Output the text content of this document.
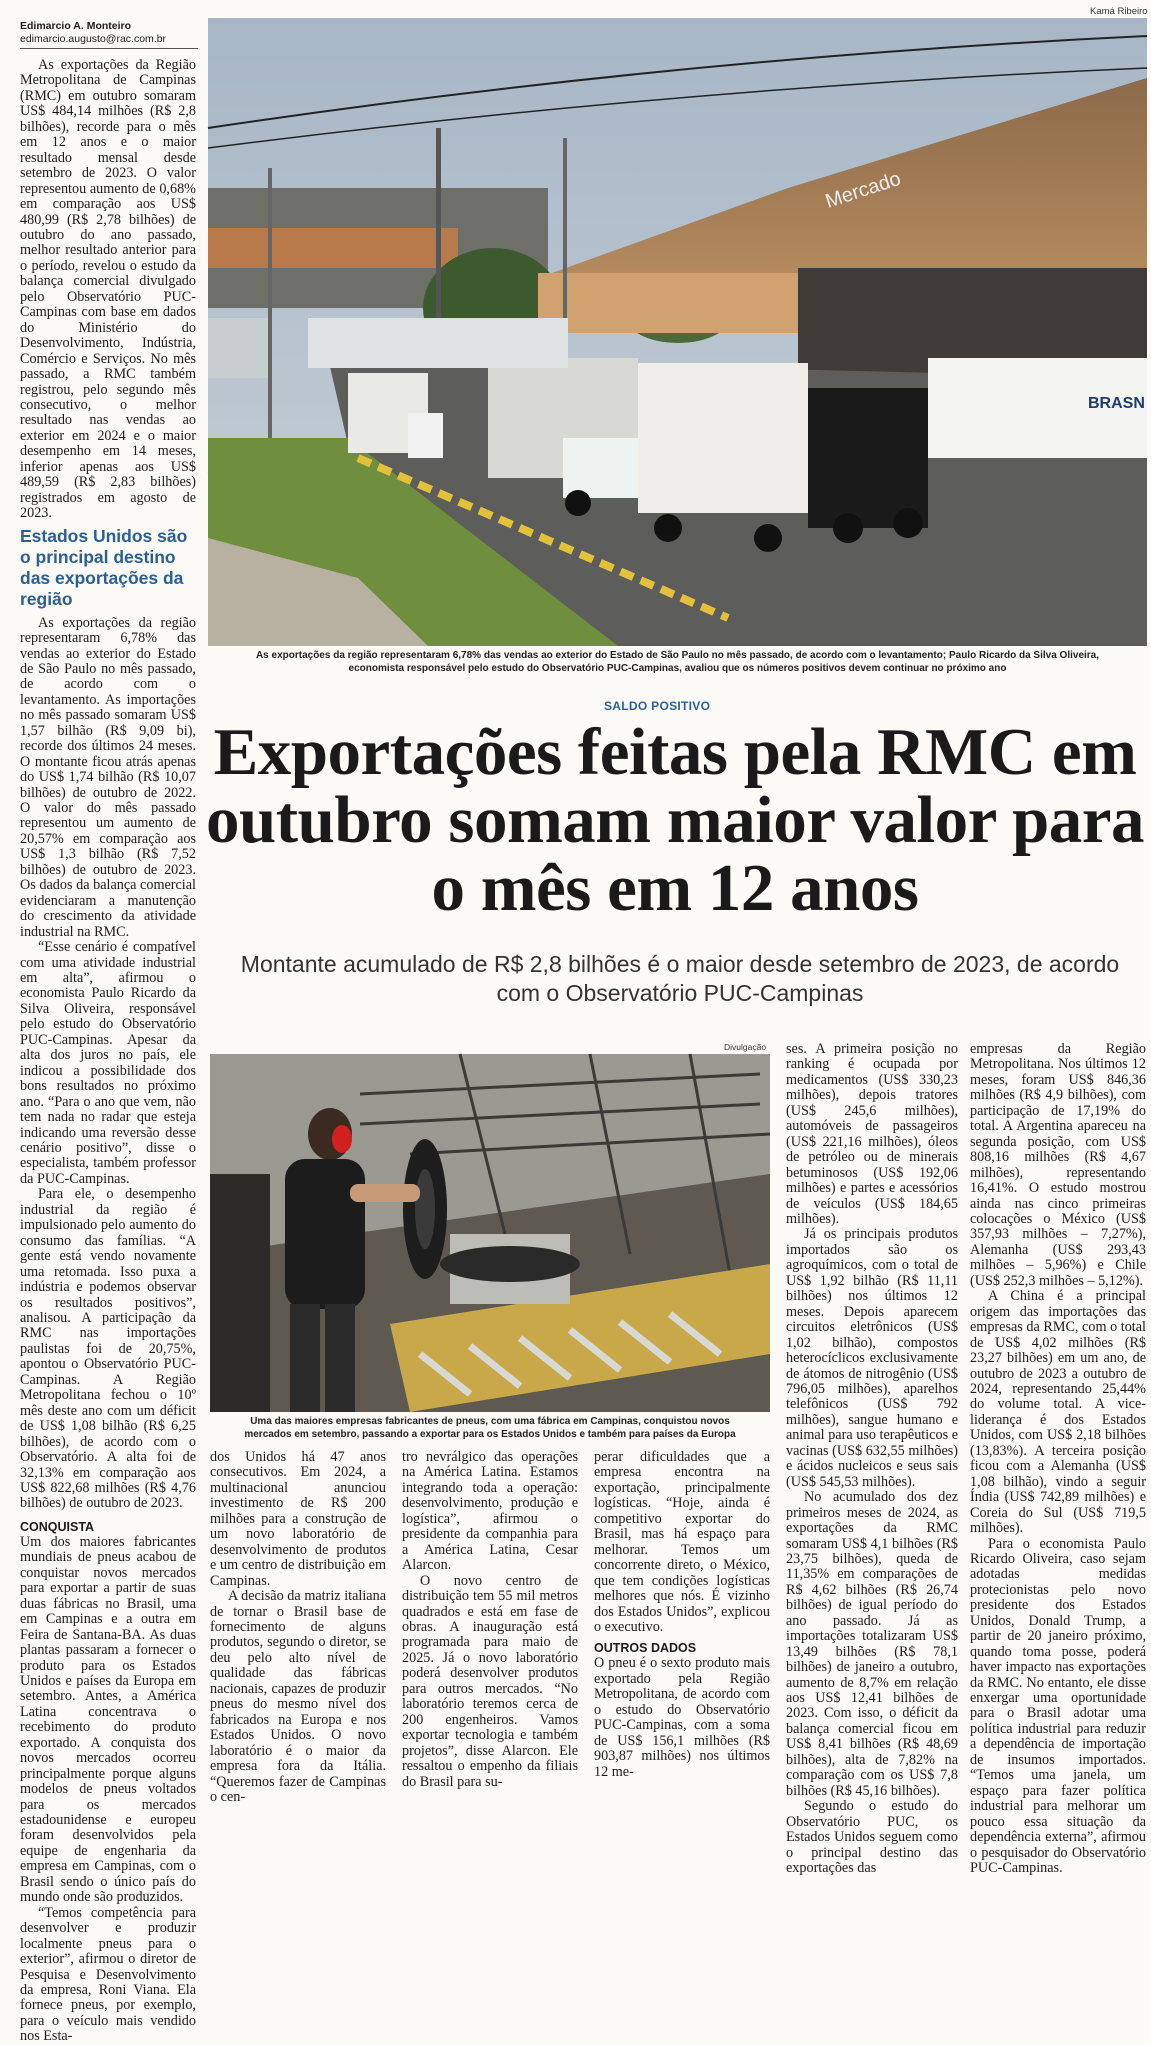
Edimarcio A. Monteiro
edimarcio.augusto@rac.com.br
Kamá Ribeiro

As exportações da Região Metropolitana de Campinas (RMC) em outubro somaram US$ 484,14 milhões (R$ 2,8 bilhões), recorde para o mês em 12 anos e o maior resultado mensal desde setembro de 2023. O valor representou aumento de 0,68% em comparação aos US$ 480,99 (R$ 2,78 bilhões) de outubro do ano passado, melhor resultado anterior para o período, revelou o estudo da balança comercial divulgado pelo Observatório PUC-Campinas com base em dados do Ministério do Desenvolvimento, Indústria, Comércio e Serviços. No mês passado, a RMC também registrou, pelo segundo mês consecutivo, o melhor resultado nas vendas ao exterior em 2024 e o maior desempenho em 14 meses, inferior apenas aos US$ 489,59 (R$ 2,83 bilhões) registrados em agosto de 2023.

Estados Unidos são o principal destino das exportações da região

As exportações da região representaram 6,78% das vendas ao exterior do Estado de São Paulo no mês passado, de acordo com o levantamento. As importações no mês passado somaram US$ 1,57 bilhão (R$ 9,09 bi), recorde dos últimos 24 meses. O montante ficou atrás apenas do US$ 1,74 bilhão (R$ 10,07 bilhões) de outubro de 2022. O valor do mês passado representou um aumento de 20,57% em comparação aos US$ 1,3 bilhão (R$ 7,52 bilhões) de outubro de 2023. Os dados da balança comercial evidenciaram a manutenção do crescimento da atividade industrial na RMC.

“Esse cenário é compatível com uma atividade industrial em alta”, afirmou o economista Paulo Ricardo da Silva Oliveira, responsável pelo estudo do Observatório PUC-Campinas. Apesar da alta dos juros no país, ele indicou a possibilidade dos bons resultados no próximo ano. “Para o ano que vem, não tem nada no radar que esteja indicando uma reversão desse cenário positivo”, disse o especialista, também professor da PUC-Campinas.

Para ele, o desempenho industrial da região é impulsionado pelo aumento do consumo das famílias. “A gente está vendo novamente uma retomada. Isso puxa a indústria e podemos observar os resultados positivos”, analisou. A participação da RMC nas importações paulistas foi de 20,75%, apontou o Observatório PUC-Campinas. A Região Metropolitana fechou o 10º mês deste ano com um déficit de US$ 1,08 bilhão (R$ 6,25 bilhões), de acordo com o Observatório. A alta foi de 32,13% em comparação aos US$ 822,68 milhões (R$ 4,76 bilhões) de outubro de 2023.

CONQUISTA

Um dos maiores fabricantes mundiais de pneus acabou de conquistar novos mercados para exportar a partir de suas duas fábricas no Brasil, uma em Campinas e a outra em Feira de Santana-BA. As duas plantas passaram a fornecer o produto para os Estados Unidos e países da Europa em setembro. Antes, a América Latina concentrava o recebimento do produto exportado. A conquista dos novos mercados ocorreu principalmente porque alguns modelos de pneus voltados para os mercados estadounidense e europeu foram desenvolvidos pela equipe de engenharia da empresa em Campinas, com o Brasil sendo o único país do mundo onde são produzidos.

“Temos competência para desenvolver e produzir localmente pneus para o exterior”, afirmou o diretor de Pesquisa e Desenvolvimento da empresa, Roni Viana. Ela fornece pneus, por exemplo, para o veículo mais vendido nos Esta-

Mercado
BRASN
As exportações da região representaram 6,78% das vendas ao exterior do Estado de São Paulo no mês passado, de acordo com o levantamento; Paulo Ricardo da Silva Oliveira,
economista responsável pelo estudo do Observatório PUC-Campinas, avaliou que os números positivos devem continuar no próximo ano
SALDO POSITIVO
Exportações feitas pela RMC em outubro somam maior valor para o mês em 12 anos
Montante acumulado de R$ 2,8 bilhões é o maior desde setembro de 2023, de acordo com o Observatório PUC-Campinas
Divulgação
Uma das maiores empresas fabricantes de pneus, com uma fábrica em Campinas, conquistou novos
mercados em setembro, passando a exportar para os Estados Unidos e também para países da Europa

dos Unidos há 47 anos consecutivos. Em 2024, a multinacional anunciou investimento de R$ 200 milhões para a construção de um novo laboratório de desenvolvimento de produtos e um centro de distribuição em Campinas.

A decisão da matriz italiana de tornar o Brasil base de fornecimento de alguns produtos, segundo o diretor, se deu pelo alto nível de qualidade das fábricas nacionais, capazes de produzir pneus do mesmo nível dos fabricados na Europa e nos Estados Unidos. O novo laboratório é o maior da empresa fora da Itália. “Queremos fazer de Campinas o cen-

tro nevrálgico das operações na América Latina. Estamos integrando toda a operação: desenvolvimento, produção e logística”, afirmou o presidente da companhia para a América Latina, Cesar Alarcon.

O novo centro de distribuição tem 55 mil metros quadrados e está em fase de obras. A inauguração está programada para maio de 2025. Já o novo laboratório poderá desenvolver produtos para outros mercados. “No laboratório teremos cerca de 200 engenheiros. Vamos exportar tecnologia e também projetos”, disse Alarcon. Ele ressaltou o empenho da filiais do Brasil para su-

perar dificuldades que a empresa encontra na exportação, principalmente logísticas. “Hoje, ainda é competitivo exportar do Brasil, mas há espaço para melhorar. Temos um concorrente direto, o México, que tem condições logísticas melhores que nós. É vizinho dos Estados Unidos”, explicou o executivo.

OUTROS DADOS

O pneu é o sexto produto mais exportado pela Região Metropolitana, de acordo com o estudo do Observatório PUC-Campinas, com a soma de US$ 156,1 milhões (R$ 903,87 milhões) nos últimos 12 me-

ses. A primeira posição no ranking é ocupada por medicamentos (US$ 330,23 milhões), depois tratores (US$ 245,6 milhões), automóveis de passageiros (US$ 221,16 milhões), óleos de petróleo ou de minerais betuminosos (US$ 192,06 milhões) e partes e acessórios de veículos (US$ 184,65 milhões).

Já os principais produtos importados são os agroquímicos, com o total de US$ 1,92 bilhão (R$ 11,11 bilhões) nos últimos 12 meses. Depois aparecem circuitos eletrônicos (US$ 1,02 bilhão), compostos heterocíclicos exclusivamente de átomos de nitrogênio (US$ 796,05 milhões), aparelhos telefônicos (US$ 792 milhões), sangue humano e animal para uso terapêuticos e vacinas (US$ 632,55 milhões) e ácidos nucleicos e seus sais (US$ 545,53 milhões).

No acumulado dos dez primeiros meses de 2024, as exportações da RMC somaram US$ 4,1 bilhões (R$ 23,75 bilhões), queda de 11,35% em comparações de R$ 4,62 bilhões (R$ 26,74 bilhões) de igual período do ano passado. Já as importações totalizaram US$ 13,49 bilhões (R$ 78,1 bilhões) de janeiro a outubro, aumento de 8,7% em relação aos US$ 12,41 bilhões de 2023. Com isso, o déficit da balança comercial ficou em US$ 8,41 bilhões (R$ 48,69 bilhões), alta de 7,82% na comparação com os US$ 7,8 bilhões (R$ 45,16 bilhões).

Segundo o estudo do Observatório PUC, os Estados Unidos seguem como o principal destino das exportações das

empresas da Região Metropolitana. Nos últimos 12 meses, foram US$ 846,36 milhões (R$ 4,9 bilhões), com participação de 17,19% do total. A Argentina apareceu na segunda posição, com US$ 808,16 milhões (R$ 4,67 milhões), representando 16,41%. O estudo mostrou ainda nas cinco primeiras colocações o México (US$ 357,93 milhões – 7,27%), Alemanha (US$ 293,43 milhões – 5,96%) e Chile (US$ 252,3 milhões – 5,12%).

A China é a principal origem das importações das empresas da RMC, com o total de US$ 4,02 milhões (R$ 23,27 bilhões) em um ano, de outubro de 2023 a outubro de 2024, representando 25,44% do volume total. A vice-liderança é dos Estados Unidos, com US$ 2,18 bilhões (13,83%). A terceira posição ficou com a Alemanha (US$ 1,08 bilhão), vindo a seguir Índia (US$ 742,89 milhões) e Coreia do Sul (US$ 719,5 milhões).

Para o economista Paulo Ricardo Oliveira, caso sejam adotadas medidas protecionistas pelo novo presidente dos Estados Unidos, Donald Trump, a partir de 20 janeiro próximo, quando toma posse, poderá haver impacto nas exportações da RMC. No entanto, ele disse enxergar uma oportunidade para o Brasil adotar uma política industrial para reduzir a dependência de importação de insumos importados. “Temos uma janela, um espaço para fazer política industrial para melhorar um pouco essa situação da dependência externa”, afirmou o pesquisador do Observatório PUC-Campinas.
